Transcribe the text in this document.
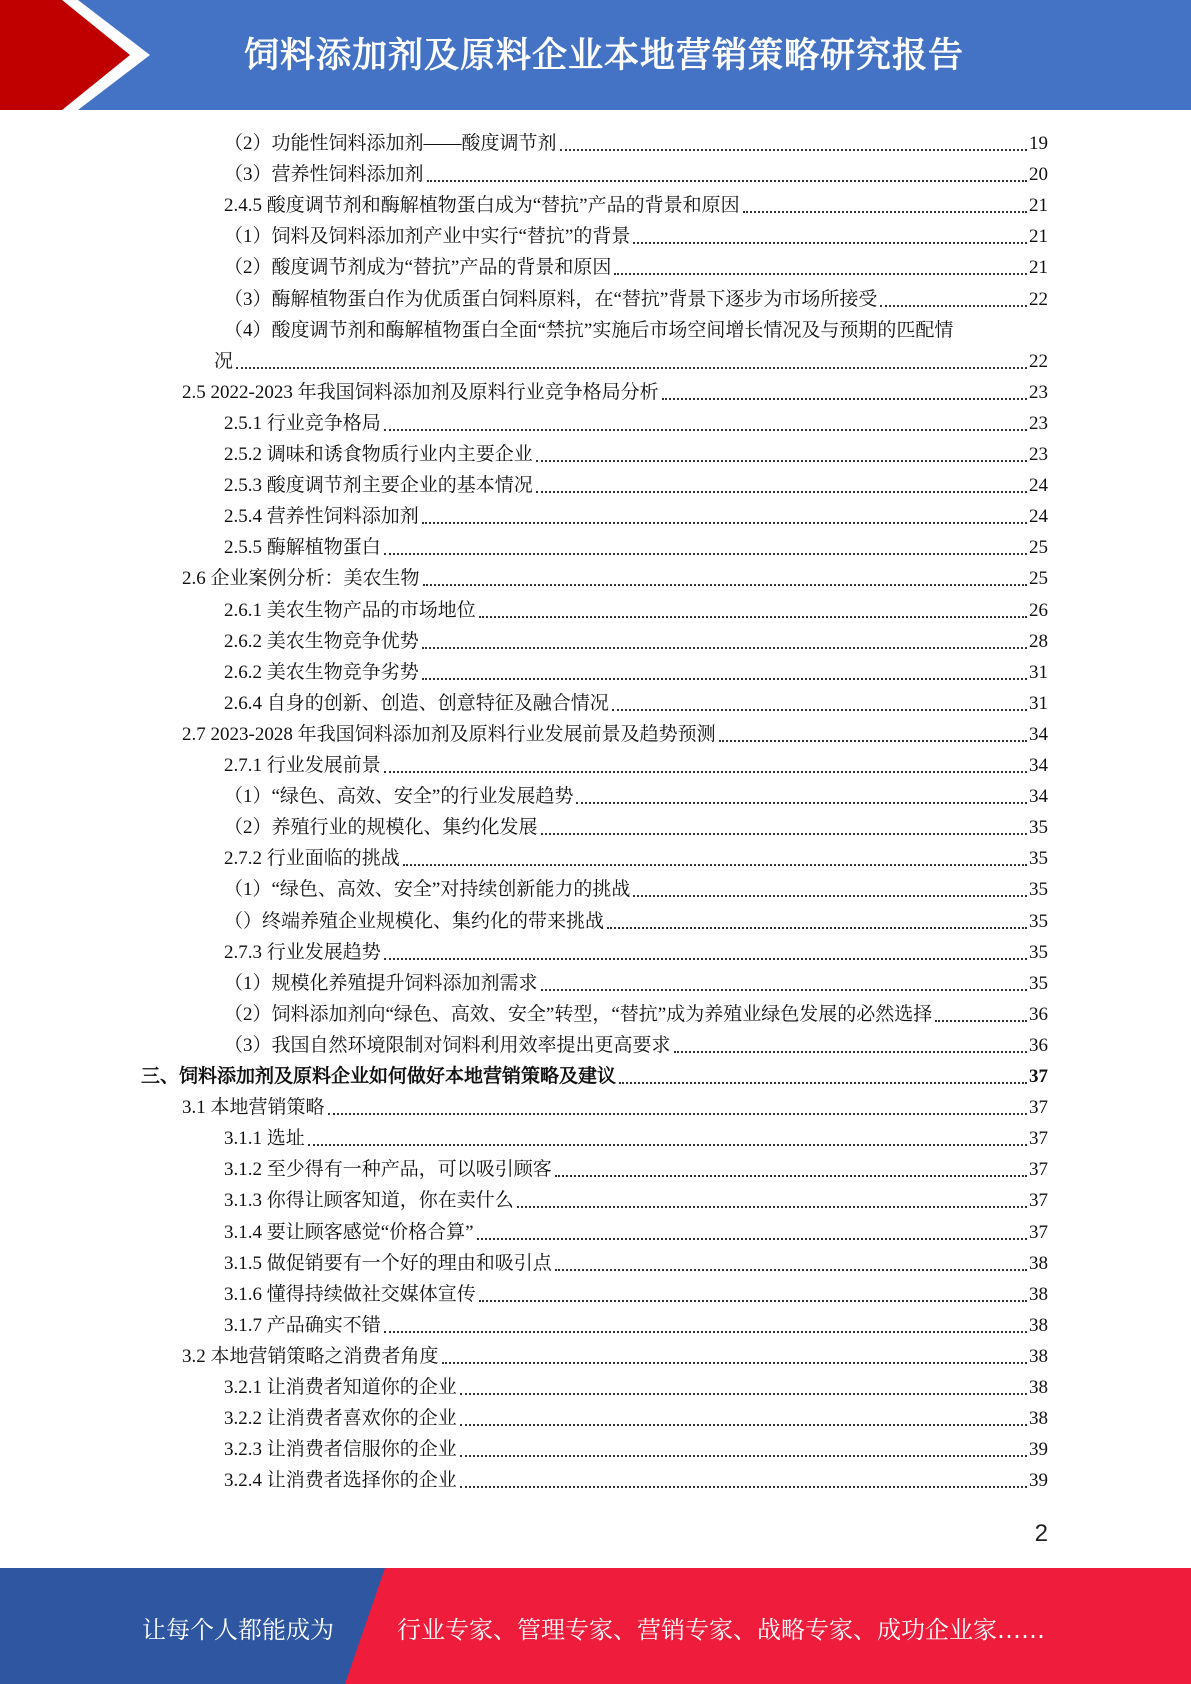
饲料添加剂及原料企业本地营销策略研究报告
（2）功能性饲料添加剂——酸度调节剂	19
（3）营养性饲料添加剂	20
2.4.5 酸度调节剂和酶解植物蛋白成为“替抗”产品的背景和原因	21
（1）饲料及饲料添加剂产业中实行“替抗”的背景	21
（2）酸度调节剂成为“替抗”产品的背景和原因	21
（3）酶解植物蛋白作为优质蛋白饲料原料，在“替抗”背景下逐步为市场所接受	22
（4）酸度调节剂和酶解植物蛋白全面“禁抗”实施后市场空间增长情况及与预期的匹配情
况	22
2.5 2022-2023 年我国饲料添加剂及原料行业竞争格局分析	23
2.5.1 行业竞争格局	23
2.5.2 调味和诱食物质行业内主要企业	23
2.5.3 酸度调节剂主要企业的基本情况	24
2.5.4 营养性饲料添加剂	24
2.5.5 酶解植物蛋白	25
2.6 企业案例分析：美农生物	25
2.6.1 美农生物产品的市场地位	26
2.6.2 美农生物竞争优势	28
2.6.2 美农生物竞争劣势	31
2.6.4 自身的创新、创造、创意特征及融合情况	31
2.7 2023-2028 年我国饲料添加剂及原料行业发展前景及趋势预测	34
2.7.1 行业发展前景	34
（1）“绿色、高效、安全”的行业发展趋势	34
（2）养殖行业的规模化、集约化发展	35
2.7.2 行业面临的挑战	35
（1）“绿色、高效、安全”对持续创新能力的挑战	35
（）终端养殖企业规模化、集约化的带来挑战	35
2.7.3 行业发展趋势	35
（1）规模化养殖提升饲料添加剂需求	35
（2）饲料添加剂向“绿色、高效、安全”转型，“替抗”成为养殖业绿色发展的必然选择	36
（3）我国自然环境限制对饲料利用效率提出更高要求	36
三、饲料添加剂及原料企业如何做好本地营销策略及建议	37
3.1 本地营销策略	37
3.1.1 选址	37
3.1.2 至少得有一种产品，可以吸引顾客	37
3.1.3 你得让顾客知道，你在卖什么	37
3.1.4 要让顾客感觉“价格合算”	37
3.1.5 做促销要有一个好的理由和吸引点	38
3.1.6 懂得持续做社交媒体宣传	38
3.1.7 产品确实不错	38
3.2 本地营销策略之消费者角度	38
3.2.1 让消费者知道你的企业	38
3.2.2 让消费者喜欢你的企业	38
3.2.3 让消费者信服你的企业	39
3.2.4 让消费者选择你的企业	39
2
让每个人都能成为	行业专家、管理专家、营销专家、战略专家、成功企业家……
